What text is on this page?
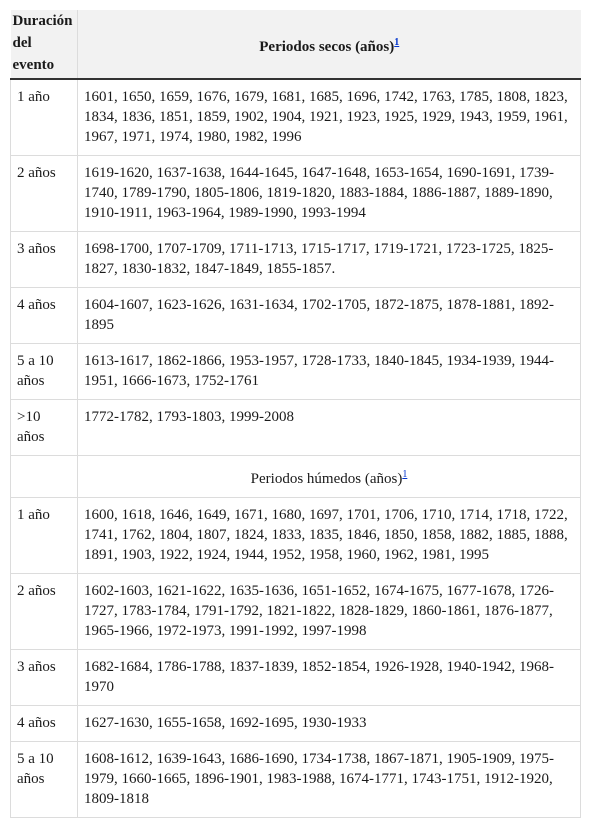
Duración del evento	Periodos secos (años)$^1$
1 año	1601, 1650, 1659, 1676, 1679, 1681, 1685, 1696, 1742, 1763, 1785, 1808, 1823, 1834, 1836, 1851, 1859, 1902, 1904, 1921, 1923, 1925, 1929, 1943, 1959, 1961, 1967, 1971, 1974, 1980, 1982, 1996
2 años	1619-1620, 1637-1638, 1644-1645, 1647-1648, 1653-1654, 1690-1691, 1739-1740, 1789-1790, 1805-1806, 1819-1820, 1883-1884, 1886-1887, 1889-1890, 1910-1911, 1963-1964, 1989-1990, 1993-1994
3 años	1698-1700, 1707-1709, 1711-1713, 1715-1717, 1719-1721, 1723-1725, 1825-1827, 1830-1832, 1847-1849, 1855-1857.
4 años	1604-1607, 1623-1626, 1631-1634, 1702-1705, 1872-1875, 1878-1881, 1892-1895
5 a 10 años	1613-1617, 1862-1866, 1953-1957, 1728-1733, 1840-1845, 1934-1939, 1944-1951, 1666-1673, 1752-1761
>10 años	1772-1782, 1793-1803, 1999-2008
	Periodos húmedos (años)$^1$
1 año	1600, 1618, 1646, 1649, 1671, 1680, 1697, 1701, 1706, 1710, 1714, 1718, 1722, 1741, 1762, 1804, 1807, 1824, 1833, 1835, 1846, 1850, 1858, 1882, 1885, 1888, 1891, 1903, 1922, 1924, 1944, 1952, 1958, 1960, 1962, 1981, 1995
2 años	1602-1603, 1621-1622, 1635-1636, 1651-1652, 1674-1675, 1677-1678, 1726-1727, 1783-1784, 1791-1792, 1821-1822, 1828-1829, 1860-1861, 1876-1877, 1965-1966, 1972-1973, 1991-1992, 1997-1998
3 años	1682-1684, 1786-1788, 1837-1839, 1852-1854, 1926-1928, 1940-1942, 1968-1970
4 años	1627-1630, 1655-1658, 1692-1695, 1930-1933
5 a 10 años	1608-1612, 1639-1643, 1686-1690, 1734-1738, 1867-1871, 1905-1909, 1975-1979, 1660-1665, 1896-1901, 1983-1988, 1674-1771, 1743-1751, 1912-1920, 1809-1818
